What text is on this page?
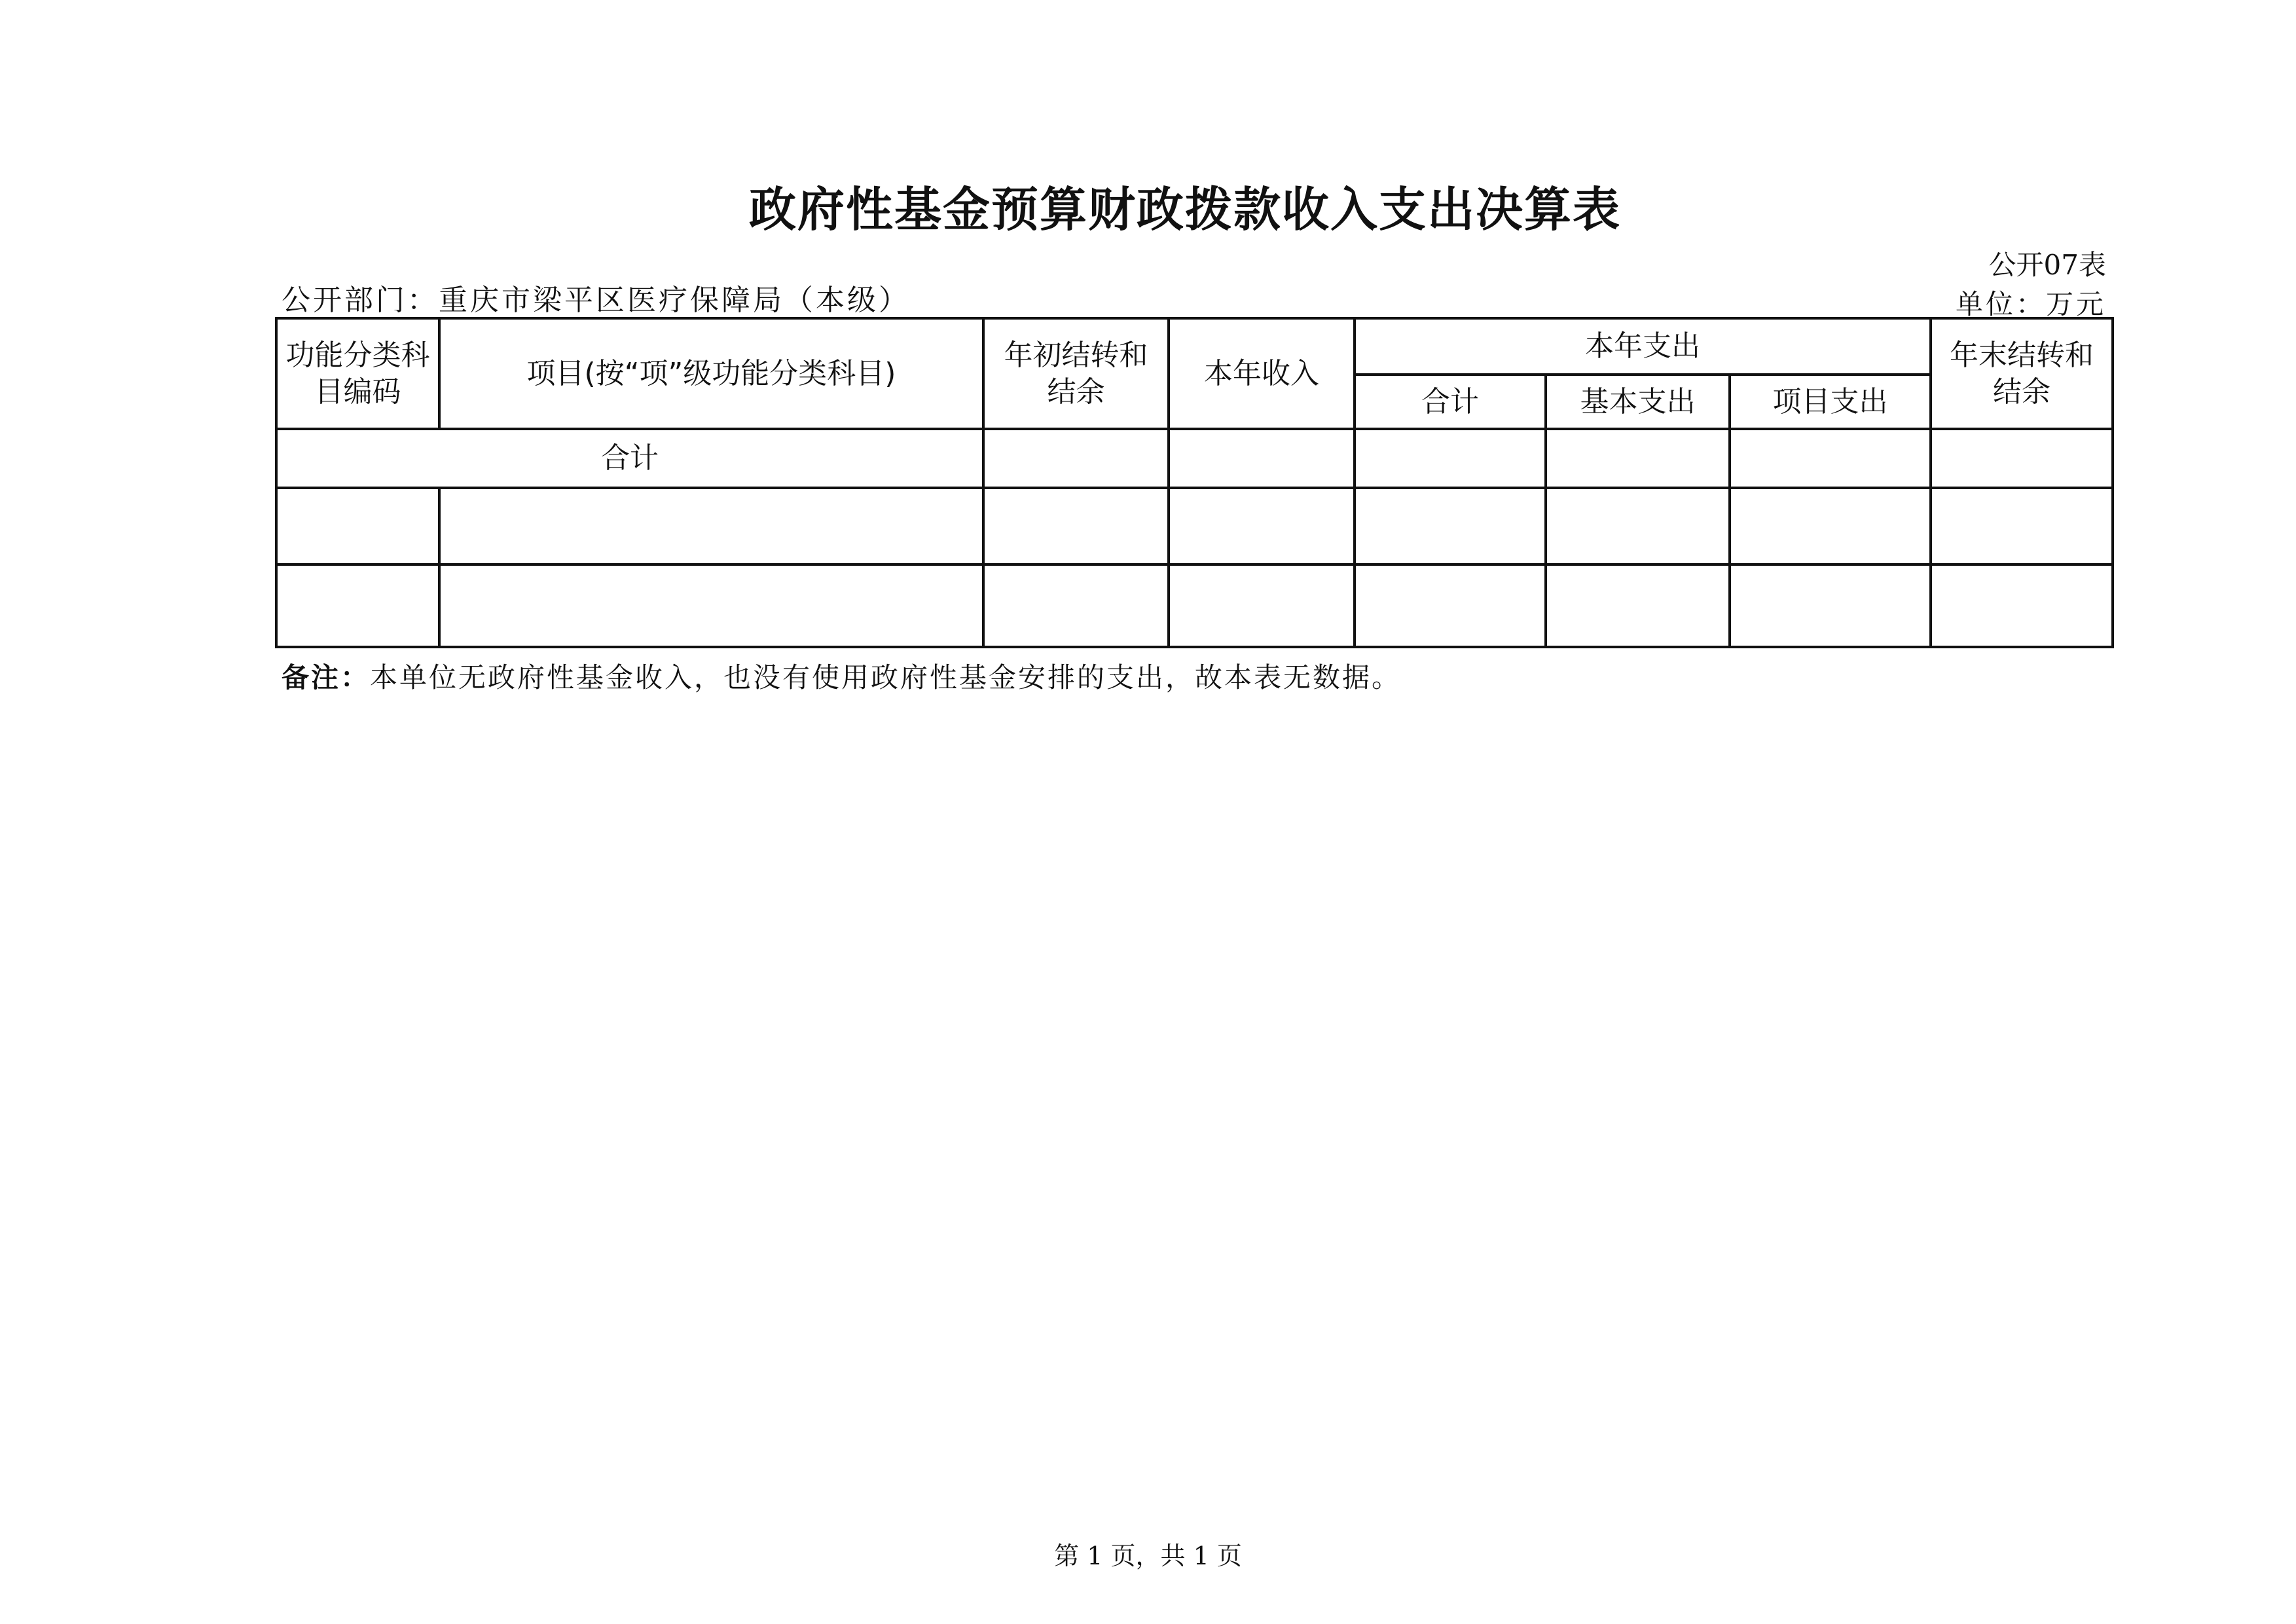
政府性基金预算财政拨款收入支出决算表
公开07表
单位：万元
公开部门：重庆市梁平区医疗保障局（本级）
功能分类科目编码	项目(按“项”级功能分类科目)	年初结转和结余	本年收入	本年支出			年末结转和结余
				合计	基本支出	项目支出	
合计							

备注：本单位无政府性基金收入，也没有使用政府性基金安排的支出，故本表无数据。
第 1 页，共 1 页
